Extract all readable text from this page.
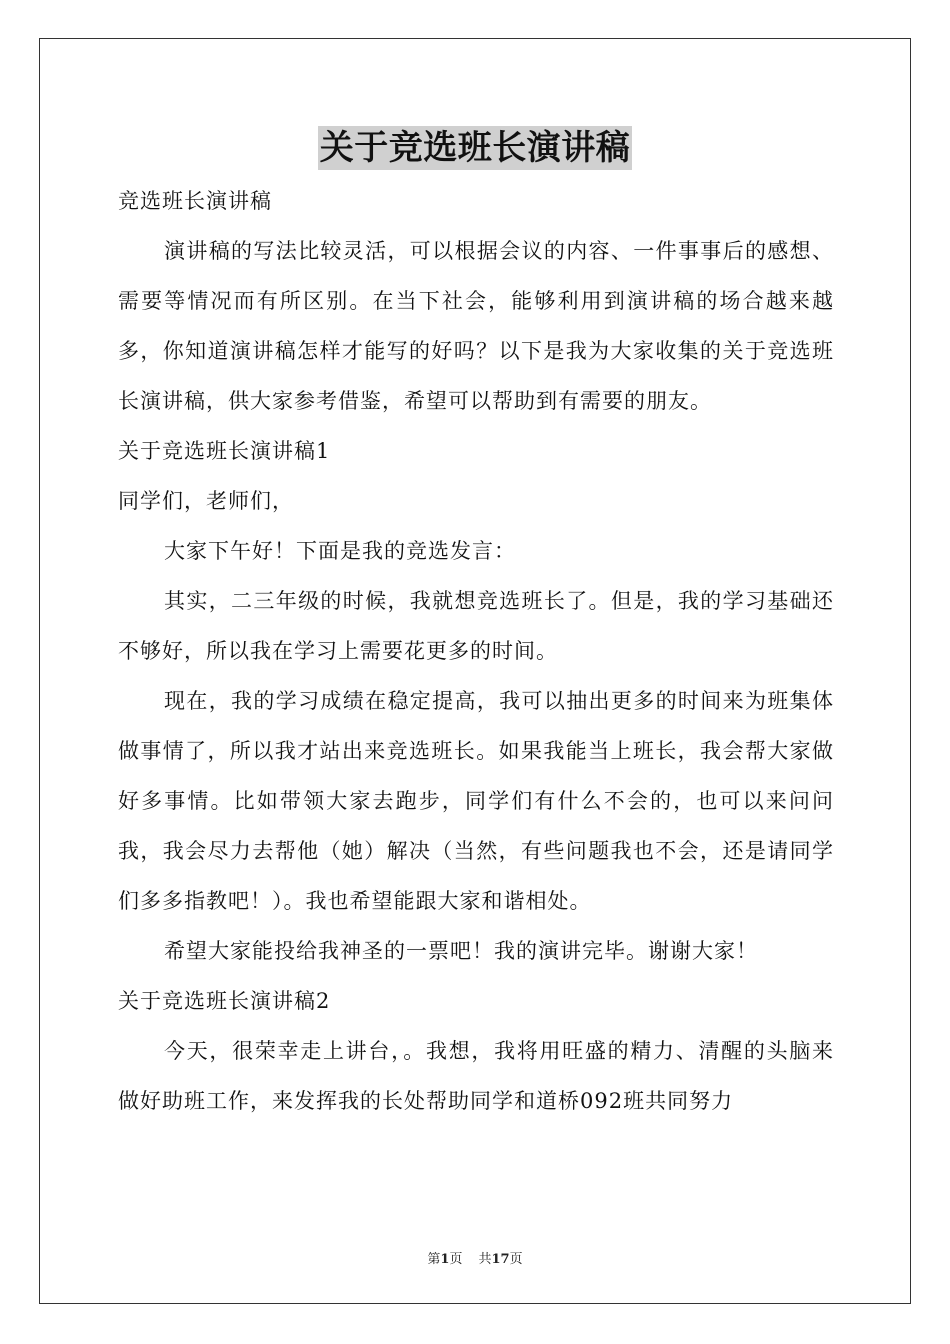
关于竞选班长演讲稿

竞选班长演讲稿

演讲稿的写法比较灵活，可以根据会议的内容、一件事事后的感想、需要等情况而有所区别。在当下社会，能够利用到演讲稿的场合越来越多，你知道演讲稿怎样才能写的好吗？以下是我为大家收集的关于竞选班长演讲稿，供大家参考借鉴，希望可以帮助到有需要的朋友。

关于竞选班长演讲稿1

同学们，老师们，

大家下午好！下面是我的竞选发言：

其实，二三年级的时候，我就想竞选班长了。但是，我的学习基础还不够好，所以我在学习上需要花更多的时间。

现在，我的学习成绩在稳定提高，我可以抽出更多的时间来为班集体做事情了，所以我才站出来竞选班长。如果我能当上班长，我会帮大家做好多事情。比如带领大家去跑步，同学们有什么不会的，也可以来问问我，我会尽力去帮他（她）解决（当然，有些问题我也不会，还是请同学们多多指教吧！）。我也希望能跟大家和谐相处。

希望大家能投给我神圣的一票吧！我的演讲完毕。谢谢大家！

关于竞选班长演讲稿2

今天，很荣幸走上讲台，。我想，我将用旺盛的精力、清醒的头脑来做好助班工作，来发挥我的长处帮助同学和道桥092班共同努力

第1页 共17页
